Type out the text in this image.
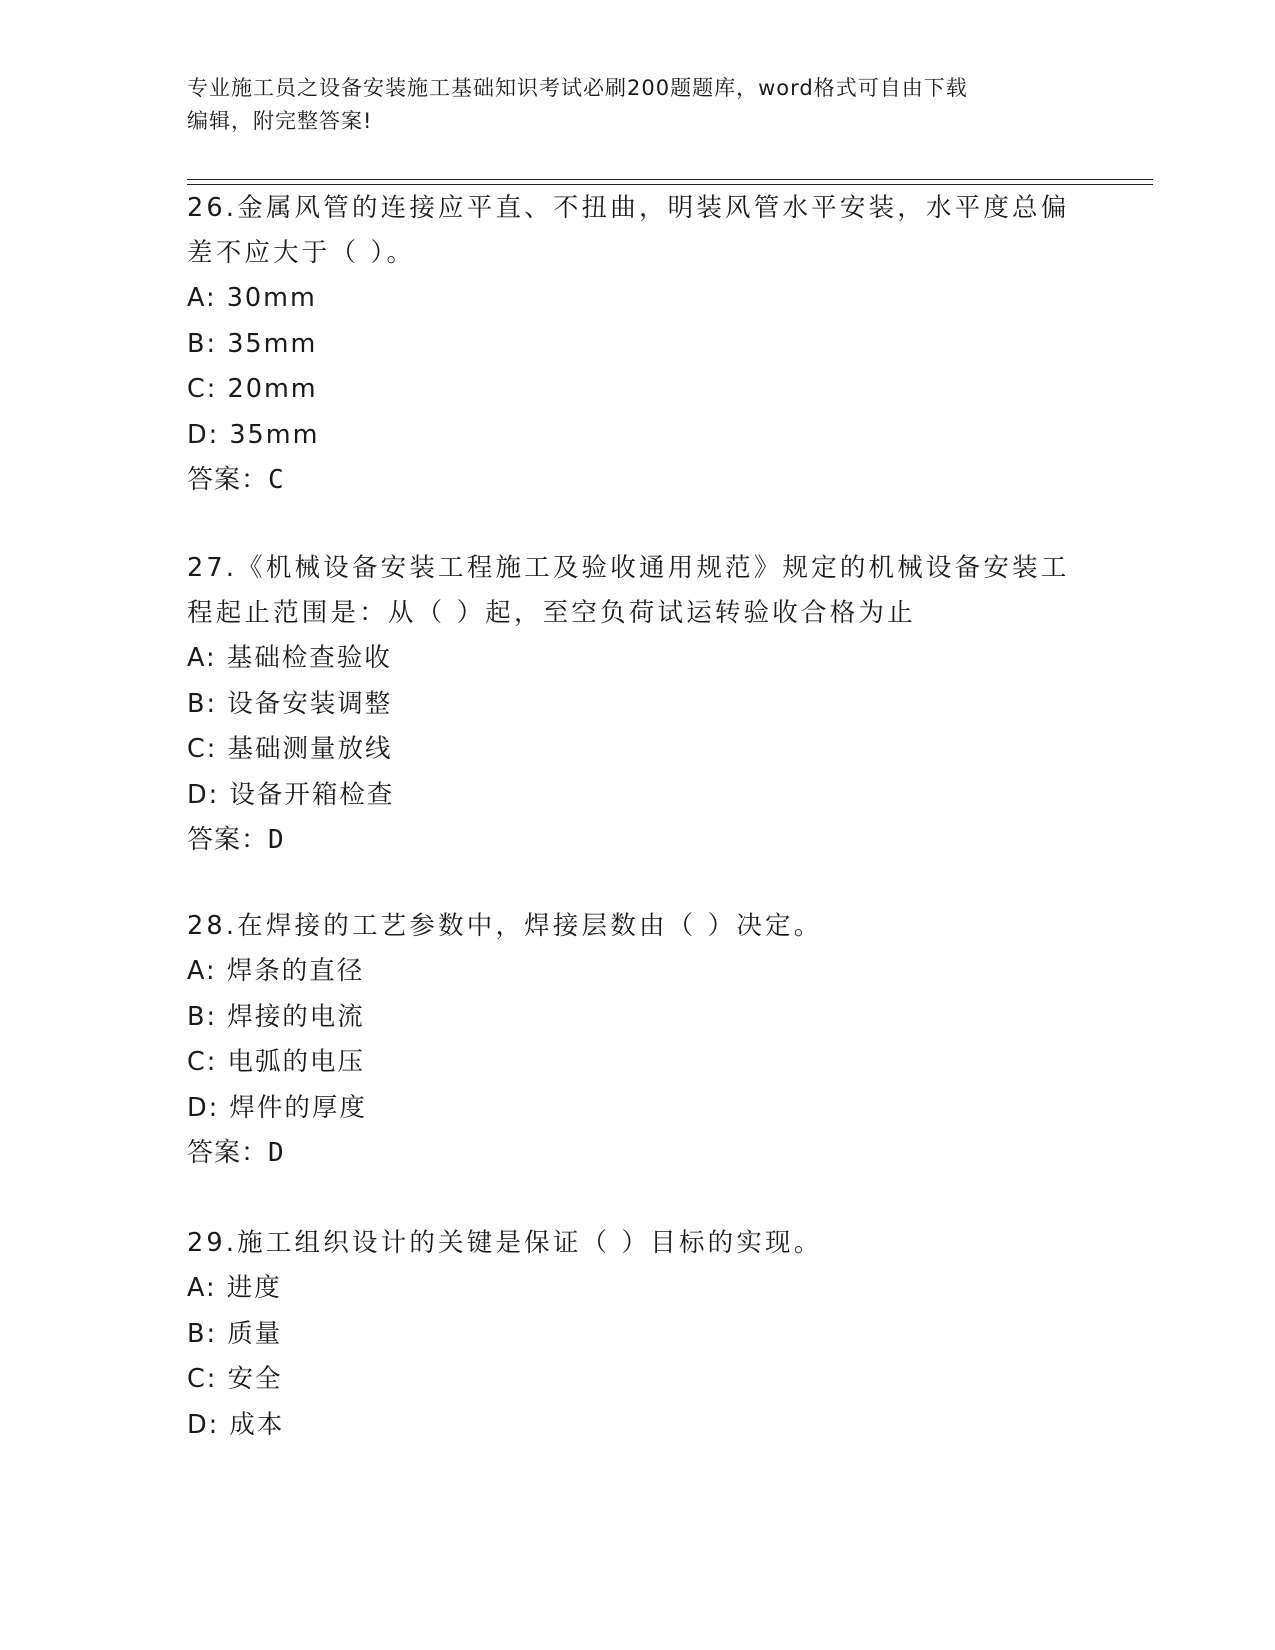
专业施工员之设备安装施工基础知识考试必刷200题题库，word格式可自由下载
编辑，附完整答案!
26.金属风管的连接应平直、不扭曲，明装风管水平安装，水平度总偏
差不应大于（ ）。
A: 30mm
B: 35mm
C: 20mm
D: 35mm
答案：C
27.《机械设备安装工程施工及验收通用规范》规定的机械设备安装工
程起止范围是：从（ ）起，至空负荷试运转验收合格为止
A: 基础检查验收
B: 设备安装调整
C: 基础测量放线
D: 设备开箱检查
答案：D
28.在焊接的工艺参数中，焊接层数由（ ）决定。
A: 焊条的直径
B: 焊接的电流
C: 电弧的电压
D: 焊件的厚度
答案：D
29.施工组织设计的关键是保证（ ）目标的实现。
A: 进度
B: 质量
C: 安全
D: 成本
